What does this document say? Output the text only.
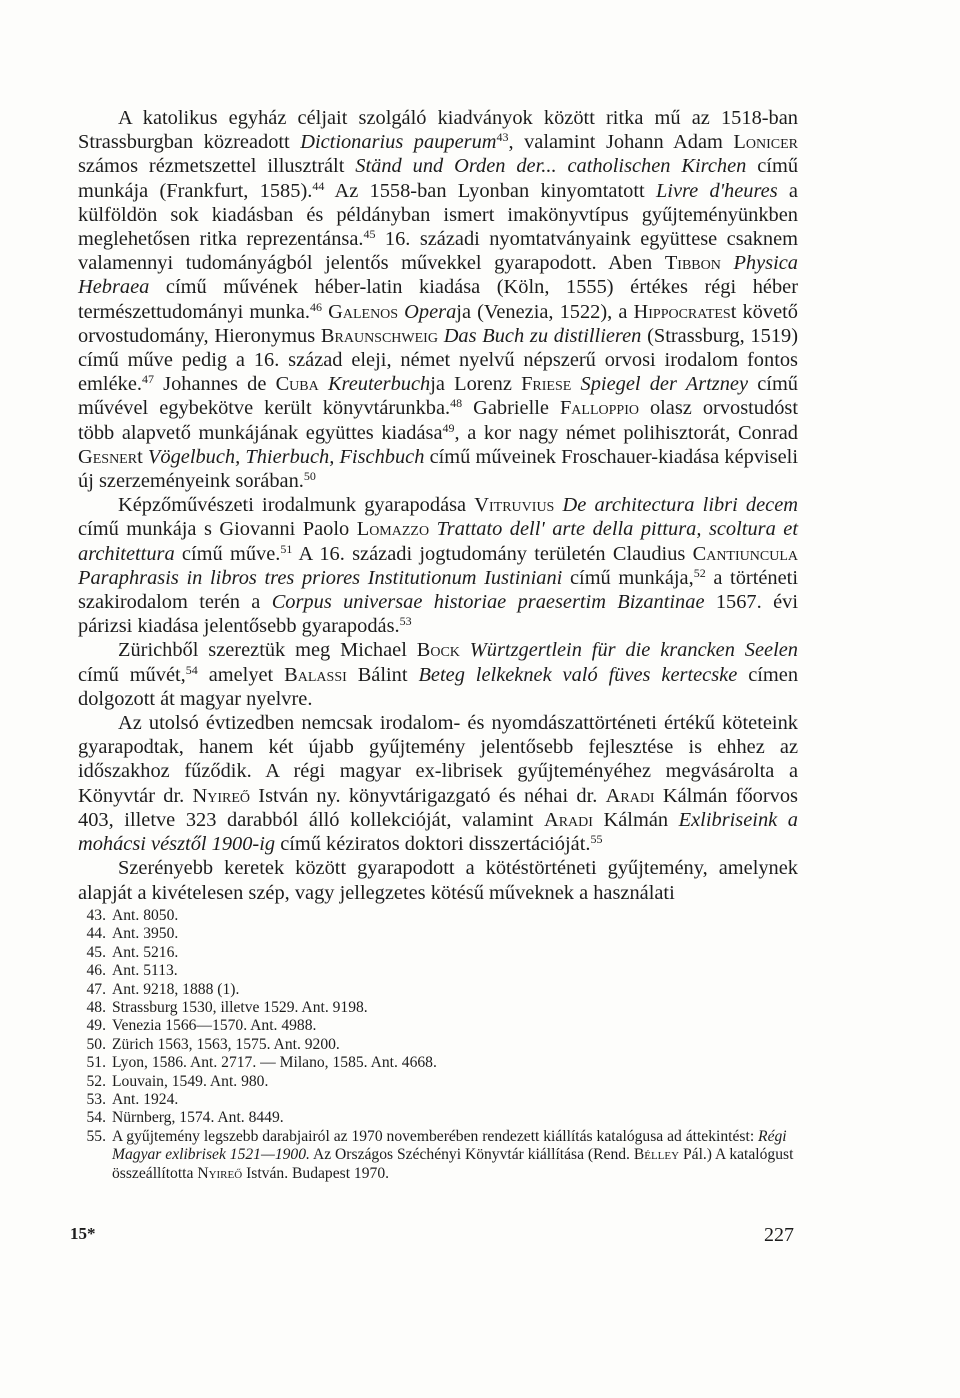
A katolikus egyház céljait szolgáló kiadványok között ritka mű az 1518-ban Strassburgban közreadott Dictionarius pauperum$^{43}$, valamint Johann Adam Lonicer számos rézmetszettel illusztrált Ständ und Orden der... catholischen Kirchen című munkája (Frankfurt, 1585).$^{44}$ Az 1558-ban Lyonban kinyomtatott Livre d'heures a külföldön sok kiadásban és példányban ismert imakönyvtípus gyűjteményünkben meglehetősen ritka reprezentánsa.$^{45}$ 16. századi nyomtatványaink együttese csaknem valamennyi tudományágból jelentős művekkel gyarapodott. Aben Tibbon Physica Hebraea című művének héber-latin kiadása (Köln, 1555) értékes régi héber természettudományi munka.$^{46}$ Galenos Operaja (Venezia, 1522), a Hippocratest követő orvostudomány, Hieronymus Braunschweig Das Buch zu distillieren (Strassburg, 1519) című műve pedig a 16. század eleji, német nyelvű népszerű orvosi irodalom fontos emléke.$^{47}$ Johannes de Cuba Kreuterbuchja Lorenz Friese Spiegel der Artzney című művével egybekötve került könyvtárunkba.$^{48}$ Gabrielle Falloppio olasz orvostudóst több alapvető munkájának együttes kiadása$^{49}$, a kor nagy német polihisztorát, Conrad Gesnert Vögelbuch, Thierbuch, Fischbuch című műveinek Froschauer-kiadása képviseli új szerzeményeink sorában.$^{50}$

Képzőművészeti irodalmunk gyarapodása Vitruvius De architectura libri decem című munkája s Giovanni Paolo Lomazzo Trattato dell' arte della pittura, scoltura et architettura című műve.$^{51}$ A 16. századi jogtudomány területén Claudius Cantiuncula Paraphrasis in libros tres priores Institutionum Iustiniani című munkája,$^{52}$ a történeti szakirodalom terén a Corpus universae historiae praesertim Bizantinae 1567. évi párizsi kiadása jelentősebb gyarapodás.$^{53}$

Zürichből szereztük meg Michael Bock Würtzgertlein für die krancken Seelen című művét,$^{54}$ amelyet Balassi Bálint Beteg lelkeknek való füves kertecske címen dolgozott át magyar nyelvre.

Az utolsó évtizedben nemcsak irodalom- és nyomdászattörténeti értékű köteteink gyarapodtak, hanem két újabb gyűjtemény jelentősebb fejlesztése is ehhez az időszakhoz fűződik. A régi magyar ex-librisek gyűjteményéhez megvásárolta a Könyvtár dr. Nyireő István ny. könyvtárigazgató és néhai dr. Aradi Kálmán főorvos 403, illetve 323 darabból álló kollekcióját, valamint Aradi Kálmán Exlibriseink a mohácsi vésztől 1900-ig című kéziratos doktori disszertációját.$^{55}$

Szerényebb keretek között gyarapodott a kötéstörténeti gyűjtemény, amelynek alapját a kivételesen szép, vagy jellegzetes kötésű műveknek a használati

43. Ant. 8050.
44. Ant. 3950.
45. Ant. 5216.
46. Ant. 5113.
47. Ant. 9218, 1888 (1).
48. Strassburg 1530, illetve 1529. Ant. 9198.
49. Venezia 1566—1570. Ant. 4988.
50. Zürich 1563, 1563, 1575. Ant. 9200.
51. Lyon, 1586. Ant. 2717. — Milano, 1585. Ant. 4668.
52. Louvain, 1549. Ant. 980.
53. Ant. 1924.
54. Nürnberg, 1574. Ant. 8449.
55. A gyűjtemény legszebb darabjairól az 1970 novemberében rendezett kiállítás katalógusa ad áttekintést: Régi Magyar exlibrisek 1521—1900. Az Országos Széchényi Könyvtár kiállítása (Rend. Bélley Pál.) A katalógust összeállította Nyireő István. Budapest 1970.
15*	227
